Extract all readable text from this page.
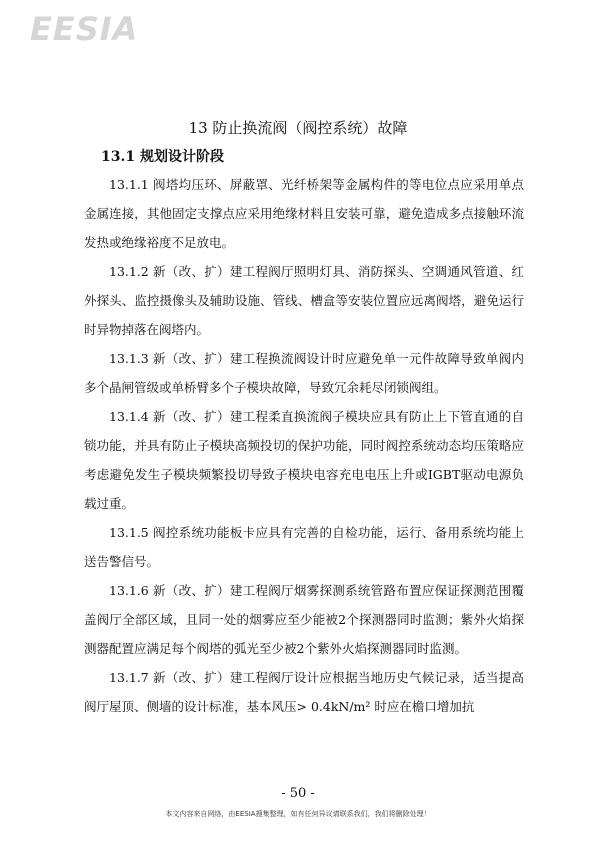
EESIA
13 防止换流阀（阀控系统）故障
13.1 规划设计阶段

13.1.1 阀塔均压环、屏蔽罩、光纤桥架等金属构件的等电位点应采用单点金属连接，其他固定支撑点应采用绝缘材料且安装可靠，避免造成多点接触环流发热或绝缘裕度不足放电。

13.1.2 新（改、扩）建工程阀厅照明灯具、消防探头、空调通风管道、红外探头、监控摄像头及辅助设施、管线、槽盒等安装位置应远离阀塔，避免运行时异物掉落在阀塔内。

13.1.3 新（改、扩）建工程换流阀设计时应避免单一元件故障导致单阀内多个晶闸管级或单桥臂多个子模块故障，导致冗余耗尽闭锁阀组。

13.1.4 新（改、扩）建工程柔直换流阀子模块应具有防止上下管直通的自锁功能，并具有防止子模块高频投切的保护功能，同时阀控系统动态均压策略应考虑避免发生子模块频繁投切导致子模块电容充电电压上升或IGBT驱动电源负载过重。

13.1.5 阀控系统功能板卡应具有完善的自检功能，运行、备用系统均能上送告警信号。

13.1.6 新（改、扩）建工程阀厅烟雾探测系统管路布置应保证探测范围覆盖阀厅全部区域，且同一处的烟雾应至少能被2个探测器同时监测；紫外火焰探测器配置应满足每个阀塔的弧光至少被2个紫外火焰探测器同时监测。

13.1.7 新（改、扩）建工程阀厅设计应根据当地历史气候记录，适当提高阀厅屋顶、侧墙的设计标准，基本风压> 0.4kN/m² 时应在檐口增加抗

- 50 -
本文内容来自网络，由EESIA搜集整理，如有任何异议请联系我们，我们将删除处理！
